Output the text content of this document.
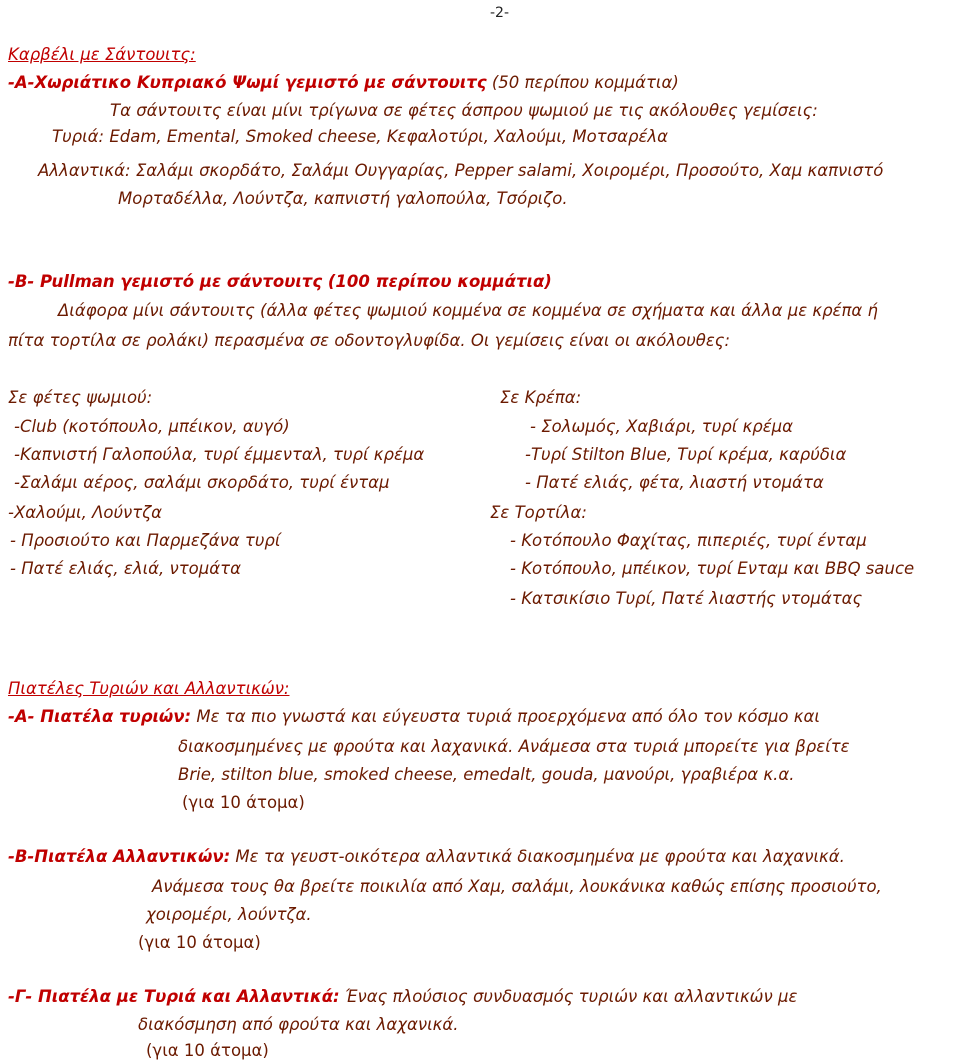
-2-
Καρβέλι με Σάντουιτς:
-Α-Χωριάτικο Κυπριακό Ψωμί γεμιστό με σάντουιτς (50 περίπου κομμάτια)
Τα σάντουιτς είναι μίνι τρίγωνα σε φέτες άσπρου ψωμιού με τις ακόλουθες γεμίσεις:
Τυριά: Edam, Emental, Smoked cheese, Κεφαλοτύρι, Χαλούμι, Μοτσαρέλα
Αλλαντικά: Σαλάμι σκορδάτο, Σαλάμι Ουγγαρίας, Pepper salami, Χοιρομέρι, Προσούτο, Χαμ καπνιστό
Μορταδέλλα, Λούντζα, καπνιστή γαλοπούλα, Τσόριζο.
-Β- Pullman γεμιστό με σάντουιτς (100 περίπου κομμάτια)
Διάφορα μίνι σάντουιτς (άλλα φέτες ψωμιού κομμένα σε κομμένα σε σχήματα και άλλα με κρέπα ή
πίτα τορτίλα σε ρολάκι) περασμένα σε οδοντογλυφίδα. Οι γεμίσεις είναι οι ακόλουθες:
Σε φέτες ψωμιού:
-Club (κοτόπουλο, μπέικον, αυγό)
-Καπνιστή Γαλοπούλα, τυρί έμμενταλ, τυρί κρέμα
-Σαλάμι αέρος, σαλάμι σκορδάτο, τυρί ένταμ
-Χαλούμι, Λούντζα
- Προσιούτο και Παρμεζάνα τυρί
- Πατέ ελιάς, ελιά, ντομάτα
Σε Κρέπα:
- Σολωμός, Χαβιάρι, τυρί κρέμα
-Τυρί Stilton Blue, Τυρί κρέμα, καρύδια
- Πατέ ελιάς, φέτα, λιαστή ντομάτα
Σε Τορτίλα:
- Κοτόπουλο Φαχίτας, πιπεριές, τυρί ένταμ
- Κοτόπουλο, μπέικον, τυρί Ενταμ και BBQ sauce
- Κατσικίσιο Τυρί, Πατέ λιαστής ντομάτας
Πιατέλες Τυριών και Αλλαντικών:
-Α- Πιατέλα τυριών: Με τα πιο γνωστά και εύγευστα τυριά προερχόμενα από όλο τον κόσμο και
διακοσμημένες με φρούτα και λαχανικά. Ανάμεσα στα τυριά μπορείτε για βρείτε
Brie, stilton blue, smoked cheese, emedalt, gouda, μανούρι, γραβιέρα κ.α.
(για 10 άτομα)
-Β-Πιατέλα Αλλαντικών: Με τα γευστ-οικότερα αλλαντικά διακοσμημένα με φρούτα και λαχανικά.
Ανάμεσα τους θα βρείτε ποικιλία από Χαμ, σαλάμι, λουκάνικα καθώς επίσης προσιούτο,
χοιρομέρι, λούντζα.
(για 10 άτομα)
-Γ- Πιατέλα με Τυριά και Αλλαντικά: Ένας πλούσιος συνδυασμός τυριών και αλλαντικών με
διακόσμηση από φρούτα και λαχανικά.
(για 10 άτομα)
